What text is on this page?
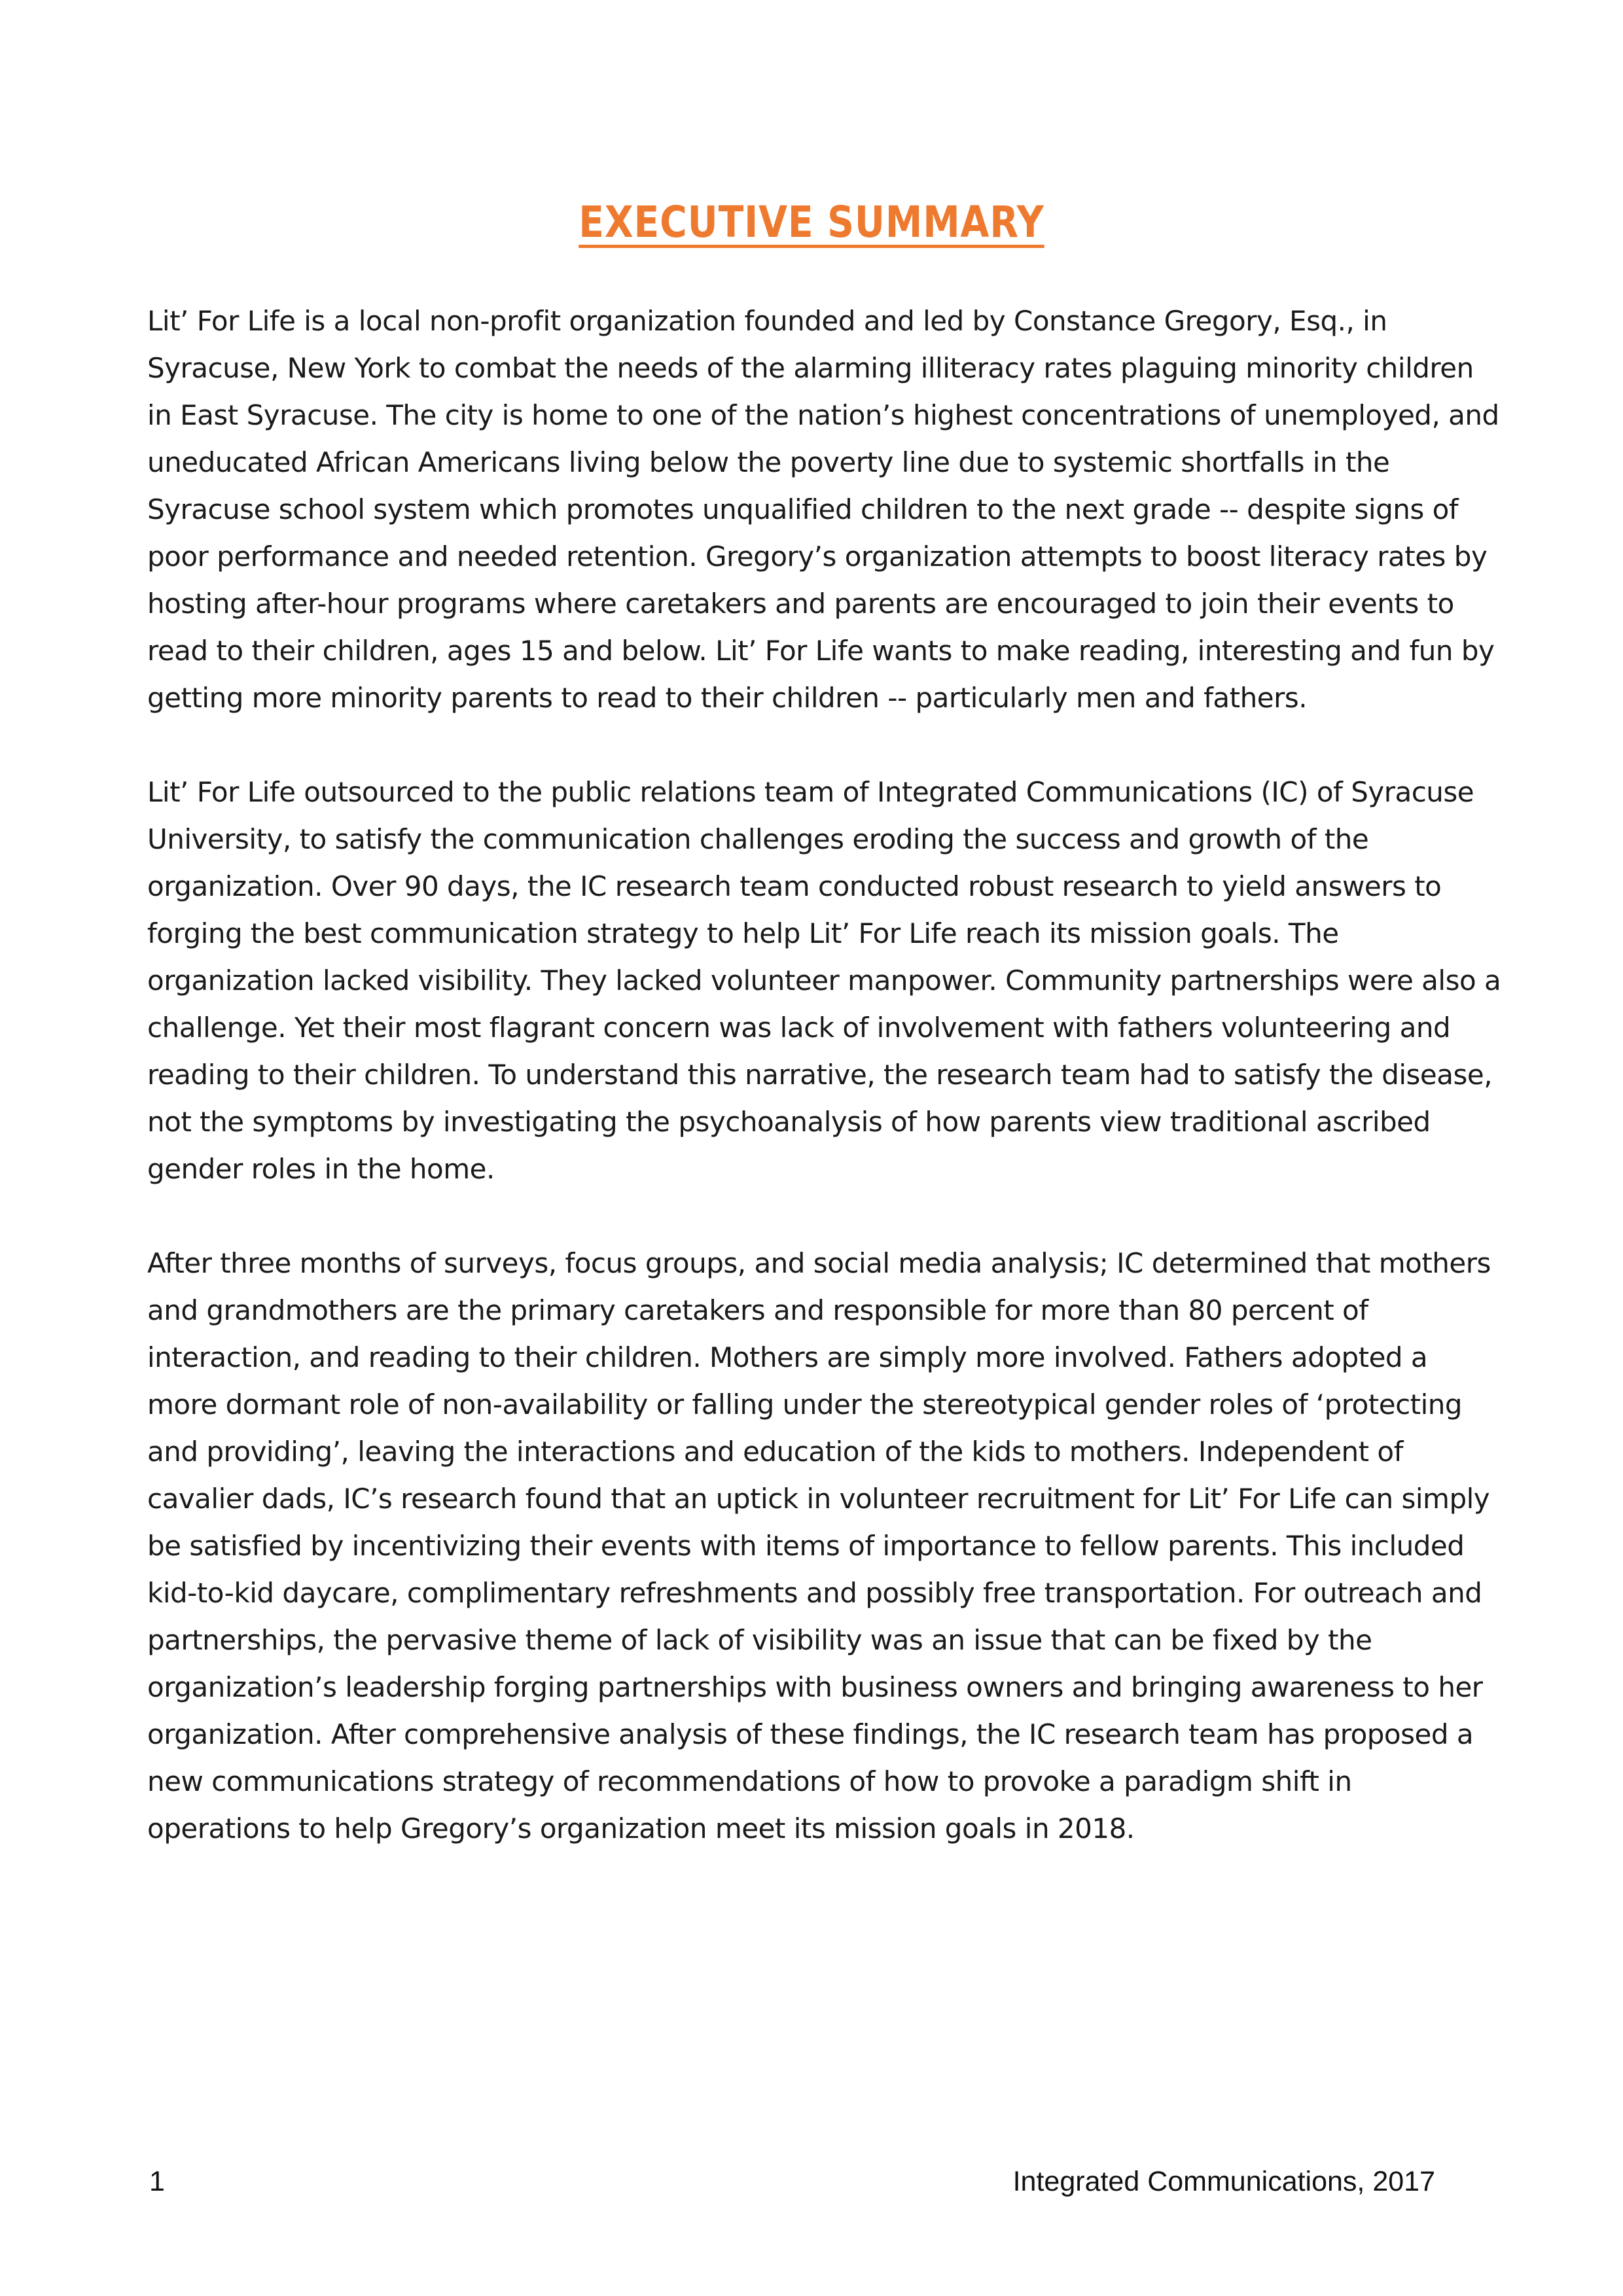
EXECUTIVE SUMMARY

Lit’ For Life is a local non-profit organization founded and led by Constance Gregory, Esq., in Syracuse, New York to combat the needs of the alarming illiteracy rates plaguing minority children in East Syracuse. The city is home to one of the nation’s highest concentrations of unemployed, and uneducated African Americans living below the poverty line due to systemic shortfalls in the Syracuse school system which promotes unqualified children to the next grade -- despite signs of poor performance and needed retention. Gregory’s organization attempts to boost literacy rates by hosting after-hour programs where caretakers and parents are encouraged to join their events to read to their children, ages 15 and below. Lit’ For Life wants to make reading, interesting and fun by getting more minority parents to read to their children -- particularly men and fathers.

Lit’ For Life outsourced to the public relations team of Integrated Communications (IC) of Syracuse University, to satisfy the communication challenges eroding the success and growth of the organization. Over 90 days, the IC research team conducted robust research to yield answers to forging the best communication strategy to help Lit’ For Life reach its mission goals. The organization lacked visibility. They lacked volunteer manpower. Community partnerships were also a challenge. Yet their most flagrant concern was lack of involvement with fathers volunteering and reading to their children. To understand this narrative, the research team had to satisfy the disease, not the symptoms by investigating the psychoanalysis of how parents view traditional ascribed gender roles in the home.

After three months of surveys, focus groups, and social media analysis; IC determined that mothers and grandmothers are the primary caretakers and responsible for more than 80 percent of interaction, and reading to their children. Mothers are simply more involved. Fathers adopted a more dormant role of non-availability or falling under the stereotypical gender roles of ‘protecting and providing’, leaving the interactions and education of the kids to mothers. Independent of cavalier dads, IC’s research found that an uptick in volunteer recruitment for Lit’ For Life can simply be satisfied by incentivizing their events with items of importance to fellow parents. This included kid-to-kid daycare, complimentary refreshments and possibly free transportation. For outreach and partnerships, the pervasive theme of lack of visibility was an issue that can be fixed by the organization’s leadership forging partnerships with business owners and bringing awareness to her organization. After comprehensive analysis of these findings, the IC research team has proposed a new communications strategy of recommendations of how to provoke a paradigm shift in operations to help Gregory’s organization meet its mission goals in 2018.

1	Integrated Communications, 2017
